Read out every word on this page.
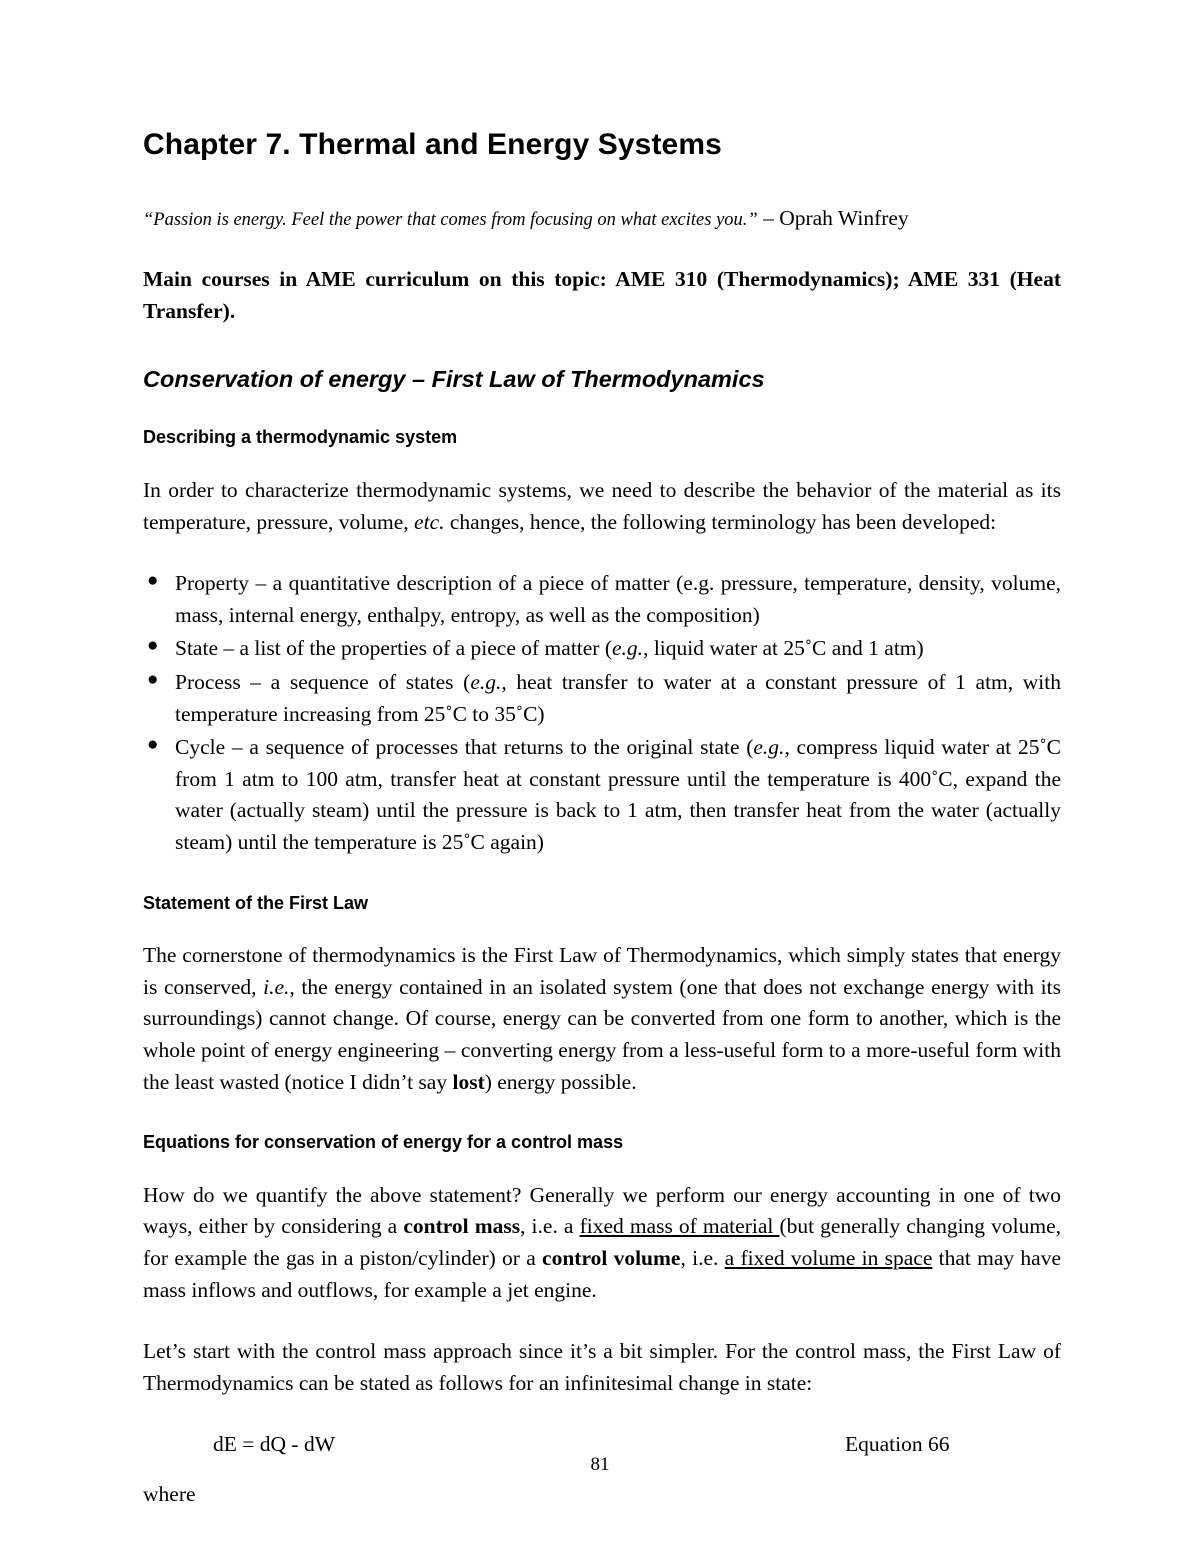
Chapter 7. Thermal and Energy Systems

“Passion is energy. Feel the power that comes from focusing on what excites you.” – Oprah Winfrey

Main courses in AME curriculum on this topic: AME 310 (Thermodynamics); AME 331 (Heat Transfer).

Conservation of energy – First Law of Thermodynamics
Describing a thermodynamic system

In order to characterize thermodynamic systems, we need to describe the behavior of the material as its temperature, pressure, volume, etc. changes, hence, the following terminology has been developed:

● Property – a quantitative description of a piece of matter (e.g. pressure, temperature, density, volume, mass, internal energy, enthalpy, entropy, as well as the composition)
● State – a list of the properties of a piece of matter (e.g., liquid water at 25˚C and 1 atm)
● Process – a sequence of states (e.g., heat transfer to water at a constant pressure of 1 atm, with temperature increasing from 25˚C to 35˚C)
● Cycle – a sequence of processes that returns to the original state (e.g., compress liquid water at 25˚C from 1 atm to 100 atm, transfer heat at constant pressure until the temperature is 400˚C, expand the water (actually steam) until the pressure is back to 1 atm, then transfer heat from the water (actually steam) until the temperature is 25˚C again)
Statement of the First Law

The cornerstone of thermodynamics is the First Law of Thermodynamics, which simply states that energy is conserved, i.e., the energy contained in an isolated system (one that does not exchange energy with its surroundings) cannot change. Of course, energy can be converted from one form to another, which is the whole point of energy engineering – converting energy from a less-useful form to a more-useful form with the least wasted (notice I didn’t say lost) energy possible.

Equations for conservation of energy for a control mass

How do we quantify the above statement? Generally we perform our energy accounting in one of two ways, either by considering a control mass, i.e. a fixed mass of material (but generally changing volume, for example the gas in a piston/cylinder) or a control volume, i.e. a fixed volume in space that may have mass inflows and outflows, for example a jet engine.

Let’s start with the control mass approach since it’s a bit simpler. For the control mass, the First Law of Thermodynamics can be stated as follows for an infinitesimal change in state:

dE = dQ - dW	Equation 66

where

81
